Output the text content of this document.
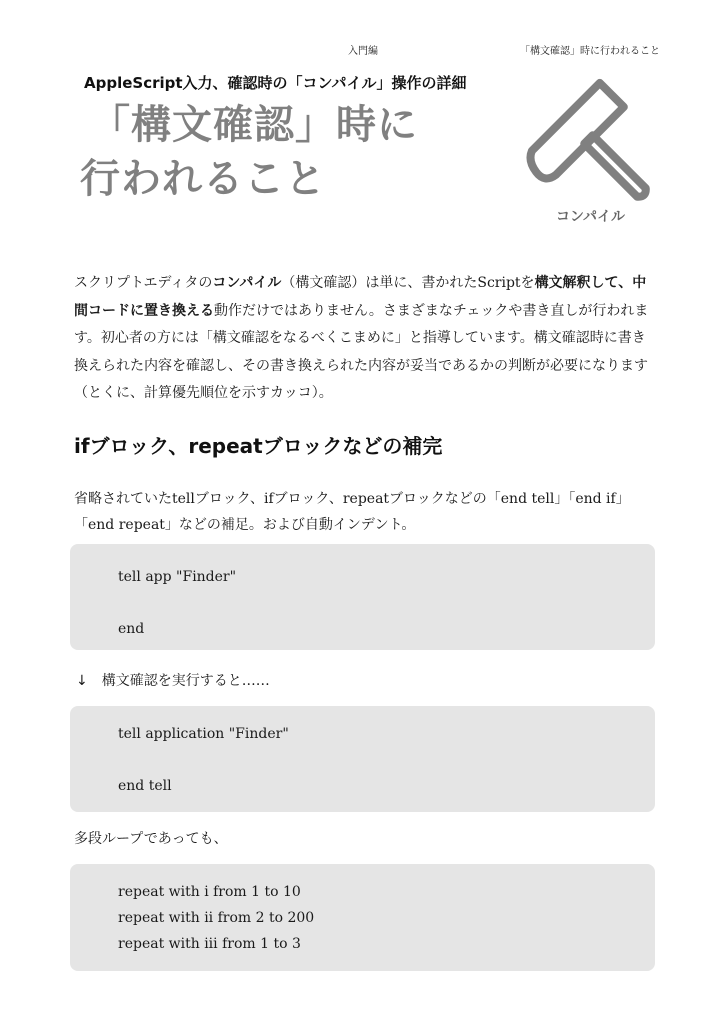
入門編	「構文確認」時に行われること
AppleScript入力、確認時の「コンパイル」操作の詳細
「構文確認」時に
行われること
コンパイル

スクリプトエディタのコンパイル（構文確認）は単に、書かれたScriptを構文解釈して、中間コードに置き換える動作だけではありません。さまざまなチェックや書き直しが行われます。初心者の方には「構文確認をなるべくこまめに」と指導しています。構文確認時に書き換えられた内容を確認し、その書き換えられた内容が妥当であるかの判断が必要になります（とくに、計算優先順位を示すカッコ）。

ifブロック、repeatブロックなどの補完

省略されていたtellブロック、ifブロック、repeatブロックなどの「end tell」「end if」「end repeat」などの補足。および自動インデント。

tell app "Finder"
end
↓ 構文確認を実行すると……
tell application "Finder"
end tell

多段ループであっても、

repeat with i from 1 to 10
repeat with ii from 2 to 200
repeat with iii from 1 to 3
